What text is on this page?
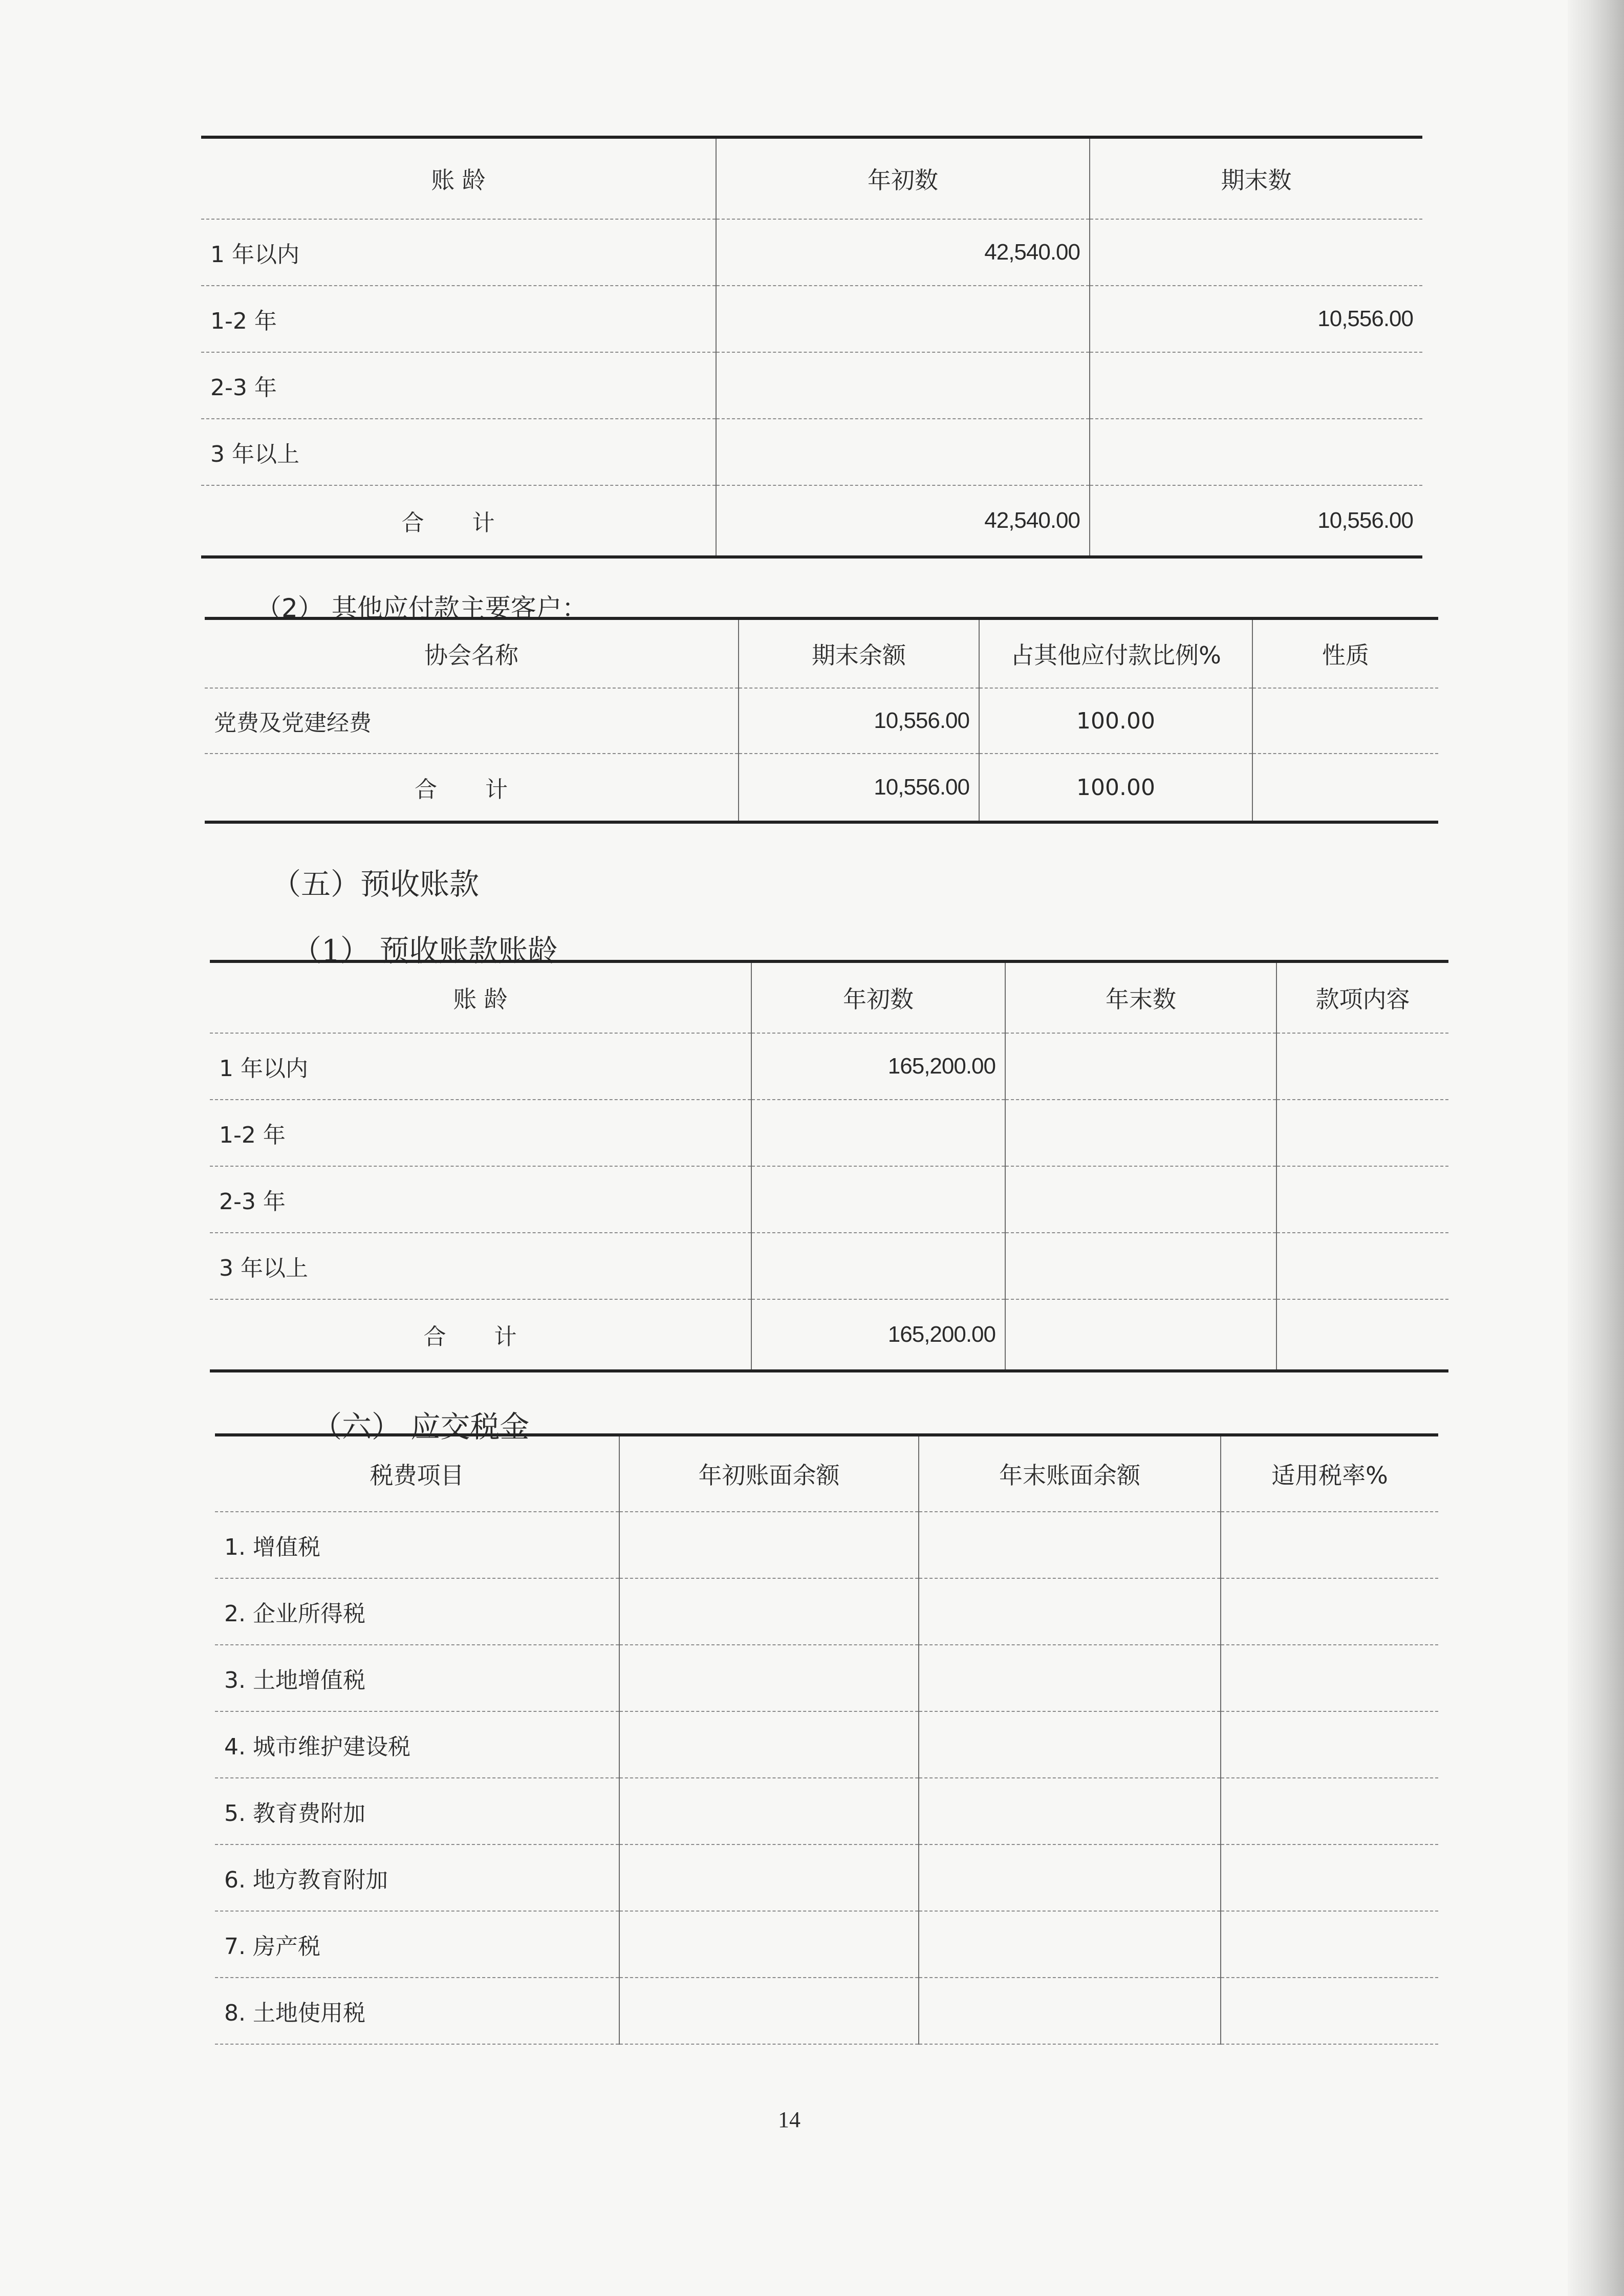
账 龄	年初数	期末数
1 年以内	42,540.00	
1-2 年		10,556.00
2-3 年		
3 年以上		
合 计	42,540.00	10,556.00
（2） 其他应付款主要客户：
协会名称	期末余额	占其他应付款比例%	性质
党费及党建经费	10,556.00	100.00	
合 计	10,556.00	100.00	
（五）预收账款
（1） 预收账款账龄
账 龄	年初数	年末数	款项内容
1 年以内	165,200.00		
1-2 年			
2-3 年			
3 年以上			
合 计	165,200.00		
（六） 应交税金
税费项目	年初账面余额	年末账面余额	适用税率%
1. 增值税			
2. 企业所得税			
3. 土地增值税			
4. 城市维护建设税			
5. 教育费附加			
6. 地方教育附加			
7. 房产税			
8. 土地使用税			
14
